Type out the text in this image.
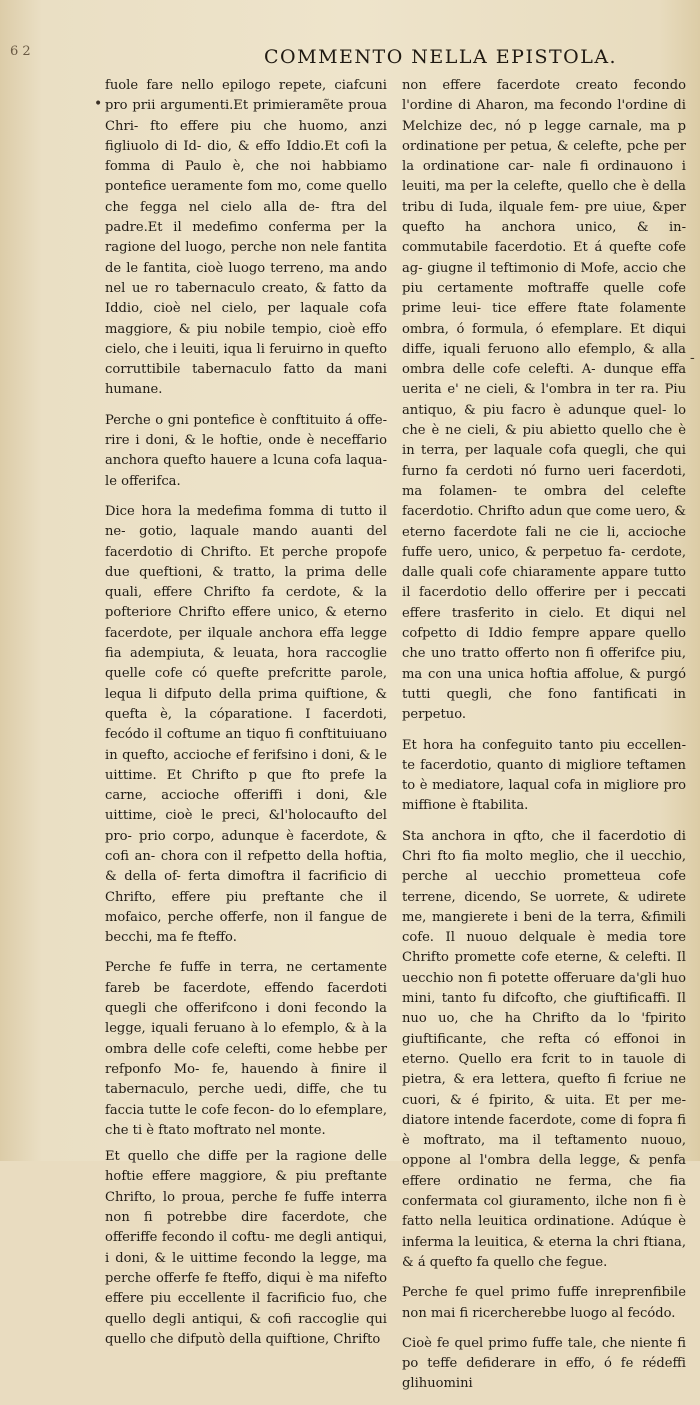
6 2	COMMENTO NELLA EPISTOLA.
•
-

fuole fare nello epilogo repete, ciafcuni pro prii argumenti.Et primieramẽte proua Chri- fto effere piu che huomo, anzi figliuolo di Id- dio, & effo Iddio.Et cofi la fomma di Paulo è, che noi habbiamo pontefice ueramente fom mo, come quello che fegga nel cielo alla de- ftra del padre.Et il medefimo conferma per la ragione del luogo, perche non nele fantita de le fantita, cioè luogo terreno, ma ando nel ue ro tabernaculo creato, & fatto da Iddio, cioè nel cielo, per laquale cofa maggiore, & piu nobile tempio, cioè effo cielo, che i leuiti, iqua li feruirno in quefto corruttibile tabernaculo fatto da mani humane.

Perche o gni pontefice è conftituito á offe- rire i doni, & le hoftie, onde è neceffario anchora quefto hauere a lcuna cofa laqua- le offerifca.

Dice hora la medefima fomma di tutto il ne- gotio, laquale mando auanti del facerdotio di Chrifto. Et perche propofe due queftioni, & tratto, la prima delle quali, effere Chrifto fa cerdote, & la pofteriore Chrifto effere unico, & eterno facerdote, per ilquale anchora effa legge fia adempiuta, & leuata, hora raccoglie quelle cofe có quefte prefcritte parole, lequa li difputo della prima quiftione, & quefta è, la cóparatione. I facerdoti, fecódo il coftume an tiquo fi conftituiuano in quefto, accioche ef ferifsino i doni, & le uittime. Et Chrifto p que fto prefe la carne, accioche offeriffi i doni, &le uittime, cioè le preci, &l'holocaufto del pro- prio corpo, adunque è facerdote, & cofi an- chora con il refpetto della hoftia, & della of- ferta dimoftra il facrificio di Chrifto, effere piu preftante che il mofaico, perche offerfe, non il fangue de becchi, ma fe fteffo.

Perche fe fuffe in terra, ne certamente fareb be facerdote, effendo facerdoti quegli che offerifcono i doni fecondo la legge, iquali feruano à lo efemplo, & à la ombra delle cofe celefti, come hebbe per refponfo Mo- fe, hauendo à finire il tabernaculo, perche uedi, diffe, che tu faccia tutte le cofe fecon- do lo efemplare, che ti è ftato moftrato nel monte.

Et quello che diffe per la ragione delle hoftie effere maggiore, & piu preftante Chrifto, lo proua, perche fe fuffe interra non fi potrebbe dire facerdote, che offeriffe fecondo il coftu- me degli antiqui, i doni, & le uittime fecondo la legge, ma perche offerfe fe fteffo, diqui è ma nifefto effere piu eccellente il facrificio fuo, che quello degli antiqui, & cofi raccoglie qui quello che difputò della quiftione, Chrifto

non effere facerdote creato fecondo l'ordine di Aharon, ma fecondo l'ordine di Melchize dec, nó p legge carnale, ma p ordinatione per petua, & celefte, pche per la ordinatione car- nale fi ordinauono i leuiti, ma per la celefte, quello che è della tribu di Iuda, ilquale fem- pre uiue, &per quefto ha anchora unico, & in- commutabile facerdotio. Et á quefte cofe ag- giugne il teftimonio di Mofe, accio che piu certamente moftraffe quelle cofe prime leui- tice effere ftate folamente ombra, ó formula, ó efemplare. Et diqui diffe, iquali feruono allo efemplo, & alla ombra delle cofe celefti. A- dunque effa uerita e' ne cieli, & l'ombra in ter ra. Piu antiquo, & piu facro è adunque quel- lo che è ne cieli, & piu abietto quello che è in terra, per laquale cofa quegli, che qui furno fa cerdoti nó furno ueri facerdoti, ma folamen- te ombra del celefte facerdotio. Chrifto adun que come uero, & eterno facerdote fali ne cie li, accioche fuffe uero, unico, & perpetuo fa- cerdote, dalle quali cofe chiaramente appare tutto il facerdotio dello offerire per i peccati effere trasferito in cielo. Et diqui nel cofpetto di Iddio fempre appare quello che uno tratto offerto non fi offerifce piu, ma con una unica hoftia affolue, & purgó tutti quegli, che fono fantificati in perpetuo.

Et hora ha confeguito tanto piu eccellen- te facerdotio, quanto di migliore teftamen to è mediatore, laqual cofa in migliore pro miffione è ftabilita.

Sta anchora in qfto, che il facerdotio di Chri fto fia molto meglio, che il uecchio, perche al uecchio prometteua cofe terrene, dicendo, Se uorrete, & udirete me, mangierete i beni de la terra, &fimili cofe. Il nuouo delquale è media tore Chrifto promette cofe eterne, & celefti. Il uecchio non fi potette offeruare da'gli huo mini, tanto fu difcofto, che giuftificaffi. Il nuo uo, che ha Chrifto da lo 'fpirito giuftificante, che refta có effonoi in eterno. Quello era fcrit to in tauole di pietra, & era lettera, quefto fi fcriue ne cuori, & é fpirito, & uita. Et per me- diatore intende facerdote, come di fopra fi è moftrato, ma il teftamento nuouo, oppone al l'ombra della legge, & penfa effere ordinatio ne ferma, che fia confermata col giuramento, ilche non fi è fatto nella leuitica ordinatione. Adúque è inferma la leuitica, & eterna la chri ftiana, & á quefto fa quello che fegue.

Perche fe quel primo fuffe inreprenfibile non mai fi ricercherebbe luogo al fecódo.

Cioè fe quel primo fuffe tale, che niente fi po teffe defiderare in effo, ó fe rédeffi glihuomini
